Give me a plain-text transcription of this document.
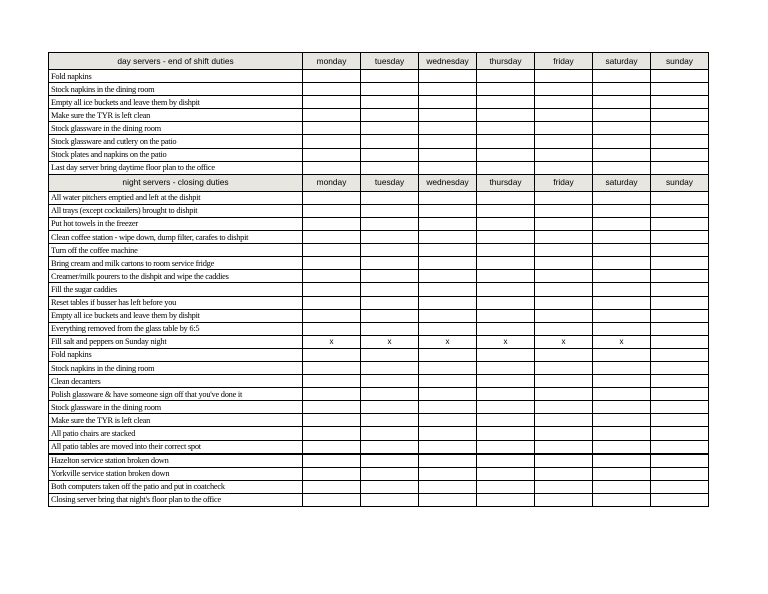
day servers - end of shift duties	monday	tuesday	wednesday	thursday	friday	saturday	sunday
Fold napkins							
Stock napkins in the dining room							
Empty all ice buckets and leave them by dishpit							
Make sure the TYR is left clean							
Stock glassware in the dining room							
Stock glassware and cutlery on the patio							
Stock plates and napkins on the patio							
Last day server bring daytime floor plan to the office							
night servers - closing duties	monday	tuesday	wednesday	thursday	friday	saturday	sunday
All water pitchers emptied and left at the dishpit							
All trays (except cocktailers) brought to dishpit							
Put hot towels in the freezer							
Clean coffee station - wipe down, dump filter, carafes to dishpit							
Turn off the coffee machine							
Bring cream and milk cartons to room service fridge							
Creamer/milk pourers to the dishpit and wipe the caddies							
Fill the sugar caddies							
Reset tables if busser has left before you							
Empty all ice buckets and leave them by dishpit							
Everything removed from the glass table by 6:5							
Fill salt and peppers on Sunday night	x	x	x	x	x	x	
Fold napkins							
Stock napkins in the dining room							
Clean decanters							
Polish glassware & have someone sign off that you've done it							
Stock glassware in the dining room							
Make sure the TYR is left clean							
All patio chairs are stacked							
All patio tables are moved into their correct spot							
Hazelton service station broken down							
Yorkville service station broken down							
Both computers taken off the patio and put in coatcheck							
Closing server bring that night's floor plan to the office							
